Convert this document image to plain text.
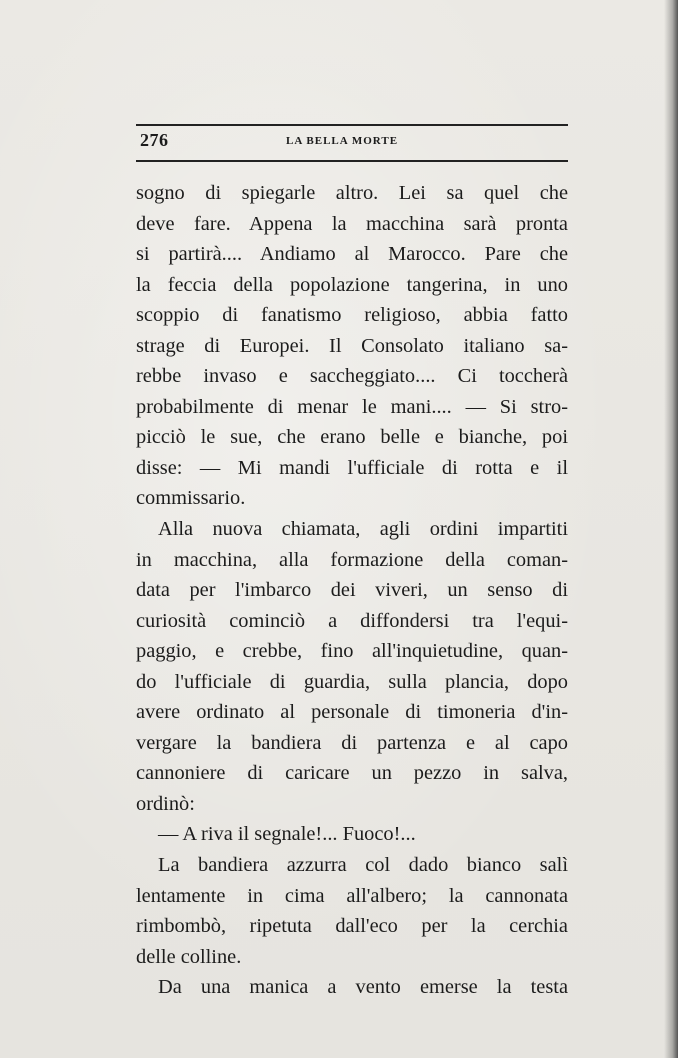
276	LA BELLA MORTE
sogno di spiegarle altro. Lei sa quel che
deve fare. Appena la macchina sarà pronta
si partirà.... Andiamo al Marocco. Pare che
la feccia della popolazione tangerina, in uno
scoppio di fanatismo religioso, abbia fatto
strage di Europei. Il Consolato italiano sa-
rebbe invaso e saccheggiato.... Ci toccherà
probabilmente di menar le mani.... — Si stro-
picciò le sue, che erano belle e bianche, poi
disse: — Mi mandi l'ufficiale di rotta e il
commissario.
Alla nuova chiamata, agli ordini impartiti
in macchina, alla formazione della coman-
data per l'imbarco dei viveri, un senso di
curiosità cominciò a diffondersi tra l'equi-
paggio, e crebbe, fino all'inquietudine, quan-
do l'ufficiale di guardia, sulla plancia, dopo
avere ordinato al personale di timoneria d'in-
vergare la bandiera di partenza e al capo
cannoniere di caricare un pezzo in salva,
ordinò:
— A riva il segnale!... Fuoco!...
La bandiera azzurra col dado bianco salì
lentamente in cima all'albero; la cannonata
rimbombò, ripetuta dall'eco per la cerchia
delle colline.
Da una manica a vento emerse la testa
